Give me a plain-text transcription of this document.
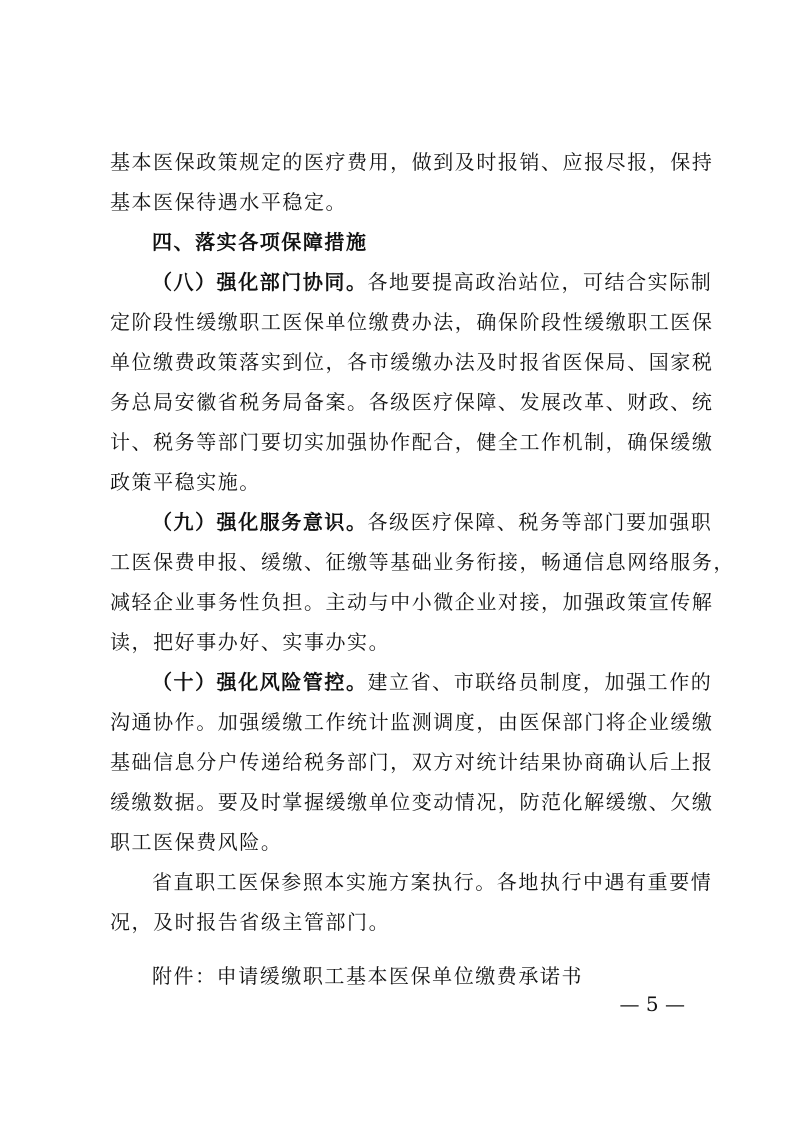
基本医保政策规定的医疗费用，做到及时报销、应报尽报，保持
基本医保待遇水平稳定。
四、落实各项保障措施
（八）强化部门协同。各地要提高政治站位，可结合实际制
定阶段性缓缴职工医保单位缴费办法，确保阶段性缓缴职工医保
单位缴费政策落实到位，各市缓缴办法及时报省医保局、国家税
务总局安徽省税务局备案。各级医疗保障、发展改革、财政、统
计、税务等部门要切实加强协作配合，健全工作机制，确保缓缴
政策平稳实施。
（九）强化服务意识。各级医疗保障、税务等部门要加强职
工医保费申报、缓缴、征缴等基础业务衔接，畅通信息网络服务，
减轻企业事务性负担。主动与中小微企业对接，加强政策宣传解
读，把好事办好、实事办实。
（十）强化风险管控。建立省、市联络员制度，加强工作的
沟通协作。加强缓缴工作统计监测调度，由医保部门将企业缓缴
基础信息分户传递给税务部门，双方对统计结果协商确认后上报
缓缴数据。要及时掌握缓缴单位变动情况，防范化解缓缴、欠缴
职工医保费风险。
省直职工医保参照本实施方案执行。各地执行中遇有重要情
况，及时报告省级主管部门。
附件：申请缓缴职工基本医保单位缴费承诺书
— 5 —
